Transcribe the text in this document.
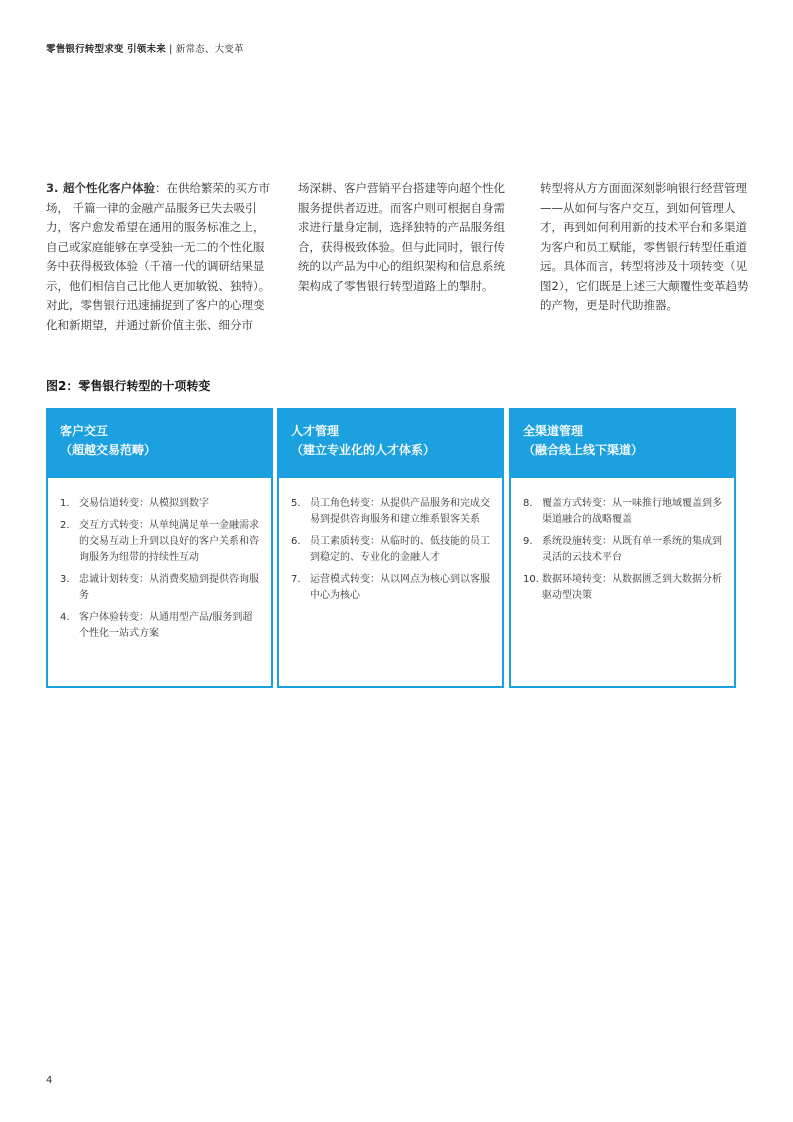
零售银行转型求变 引领未来 | 新常态、大变革
3. 超个性化客户体验：在供给繁荣的买方市场， 千篇一律的金融产品服务已失去吸引力，客户愈发希望在通用的服务标准之上，自己或家庭能够在享受独一无二的个性化服务中获得极致体验（千禧一代的调研结果显示，他们相信自己比他人更加敏锐、独特）。对此，零售银行迅速捕捉到了客户的心理变化和新期望，并通过新价值主张、细分市
场深耕、客户营销平台搭建等向超个性化服务提供者迈进。而客户则可根据自身需求进行量身定制，选择独特的产品服务组合，获得极致体验。但与此同时，银行传统的以产品为中心的组织架构和信息系统架构成了零售银行转型道路上的掣肘。
转型将从方方面面深刻影响银行经营管理——从如何与客户交互，到如何管理人才，再到如何利用新的技术平台和多渠道为客户和员工赋能，零售银行转型任重道远。具体而言，转型将涉及十项转变（见图2），它们既是上述三大颠覆性变革趋势的产物，更是时代助推器。
图2：零售银行转型的十项转变
客户交互
（超越交易范畴）
1. 交易信道转变：从模拟到数字
2. 交互方式转变：从单纯满足单一金融需求的交易互动上升到以良好的客户关系和咨询服务为纽带的持续性互动
3. 忠诚计划转变：从消费奖励到提供咨询服务
4. 客户体验转变：从通用型产品/服务到超个性化一站式方案
人才管理
（建立专业化的人才体系）
5. 员工角色转变：从提供产品服务和完成交易到提供咨询服务和建立维系银客关系
6. 员工素质转变：从临时的、低技能的员工到稳定的、专业化的金融人才
7. 运营模式转变：从以网点为核心到以客服中心为核心
全渠道管理
（融合线上线下渠道）
8. 覆盖方式转变：从一味推行地域覆盖到多渠道融合的战略覆盖
9. 系统设施转变：从既有单一系统的集成到灵活的云技术平台
10. 数据环境转变：从数据匮乏到大数据分析驱动型决策
4
